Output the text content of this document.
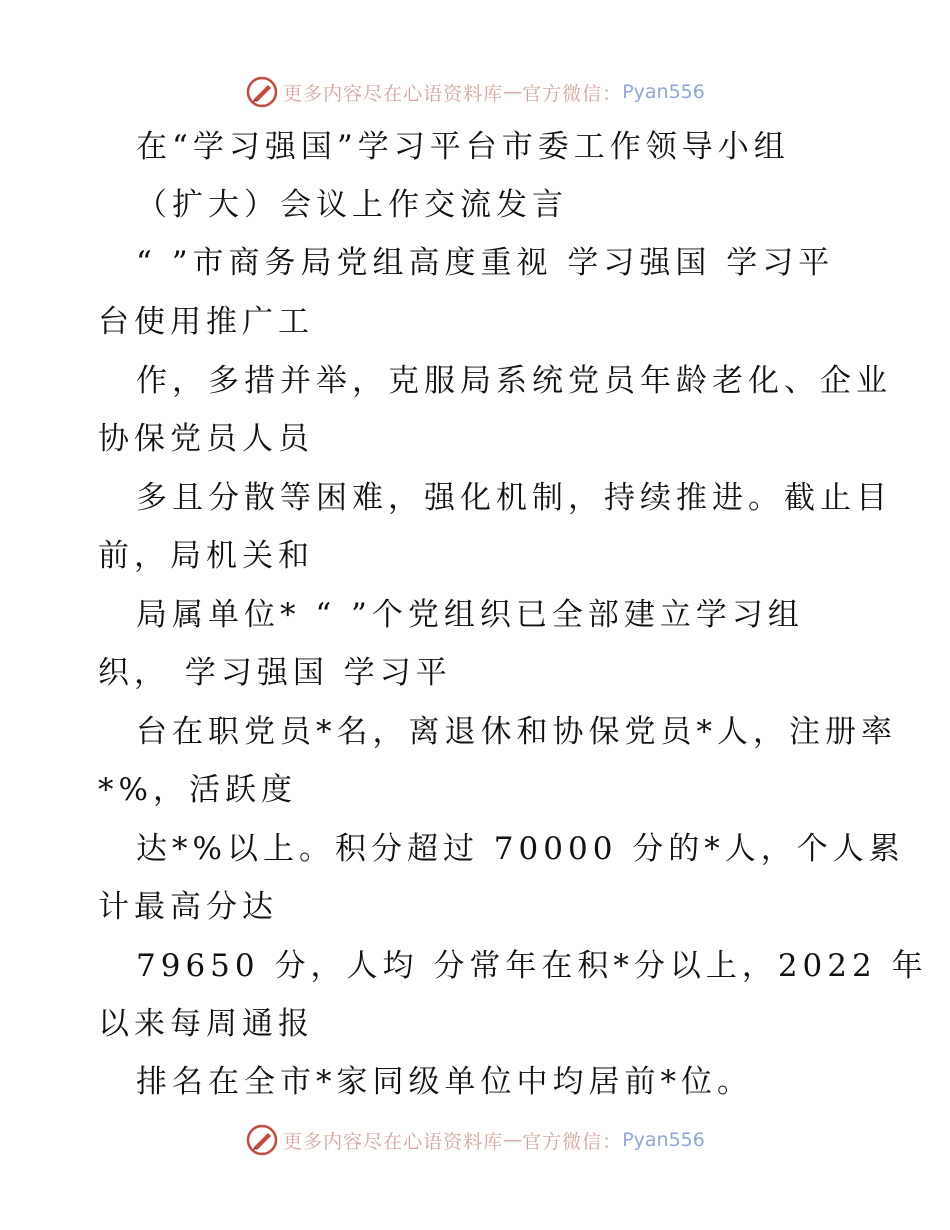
更多内容尽在心语资料库 — 官方微信： Pyan556
在“学习强国”学习平台市委工作领导小组
（扩大）会议上作交流发言
“ ”市商务局党组高度重视 学习强国 学习平
台使用推广工
作，多措并举，克服局系统党员年龄老化、企业
协保党员人员
多且分散等困难，强化机制，持续推进。截止目
前，局机关和
局属单位* “ ”个党组织已全部建立学习组
织， 学习强国 学习平
台在职党员*名，离退休和协保党员*人，注册率
*%，活跃度
达*%以上。积分超过 70000 分的*人，个人累
计最高分达
79650 分，人均 分常年在积*分以上，2022 年
以来每周通报
排名在全市*家同级单位中均居前*位。
更多内容尽在心语资料库 — 官方微信： Pyan556
